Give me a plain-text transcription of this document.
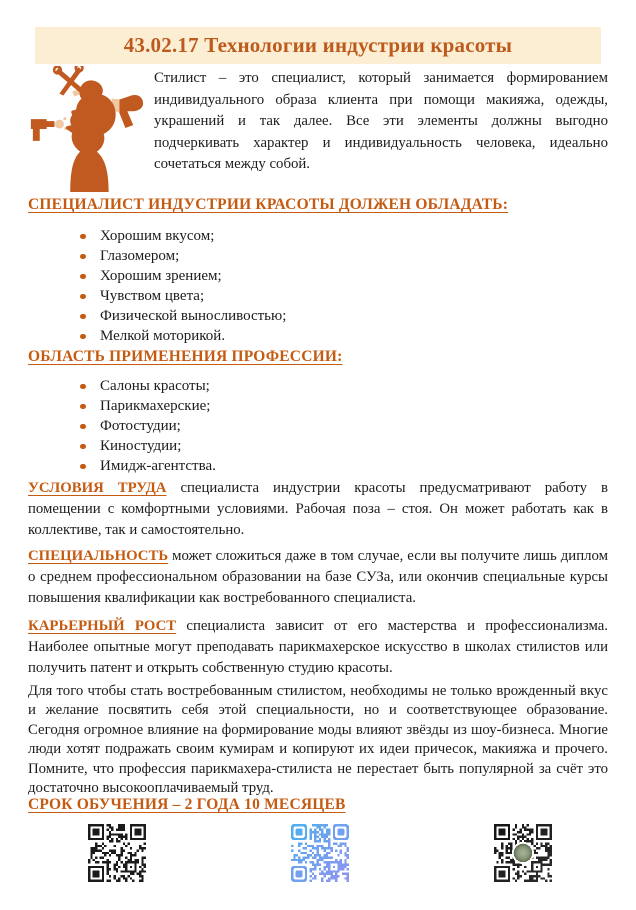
43.02.17 Технологии индустрии красоты

Стилист – это специалист, который занимается формированием индивидуального образа клиента при помощи макияжа, одежды, украшений и так далее. Все эти элементы должны выгодно подчеркивать характер и индивидуальность человека, идеально сочетаться между собой.

СПЕЦИАЛИСТ ИНДУСТРИИ КРАСОТЫ ДОЛЖЕН ОБЛАДАТЬ:
Хорошим вкусом;
Глазомером;
Хорошим зрением;
Чувством цвета;
Физической выносливостью;
Мелкой моторикой.
ОБЛАСТЬ ПРИМЕНЕНИЯ ПРОФЕССИИ:
Салоны красоты;
Парикмахерские;
Фотостудии;
Киностудии;
Имидж-агентства.

УСЛОВИЯ ТРУДА специалиста индустрии красоты предусматривают работу в помещении с комфортными условиями. Рабочая поза – стоя. Он может работать как в коллективе, так и самостоятельно.

СПЕЦИАЛЬНОСТЬ может сложиться даже в том случае, если вы получите лишь диплом о среднем профессиональном образовании на базе СУЗа, или окончив специальные курсы повышения квалификации как востребованного специалиста.

КАРЬЕРНЫЙ РОСТ специалиста зависит от его мастерства и профессионализма. Наиболее опытные могут преподавать парикмахерское искусство в школах стилистов или получить патент и открыть собственную студию красоты.

Для того чтобы стать востребованным стилистом, необходимы не только врожденный вкус и желание посвятить себя этой специальности, но и соответствующее образование. Сегодня огромное влияние на формирование моды влияют звёзды из шоу-бизнеса. Многие люди хотят подражать своим кумирам и копируют их идеи причесок, макияжа и прочего. Помните, что профессия парикмахера-стилиста не перестает быть популярной за счёт это достаточно высокооплачиваемый труд.

СРОК ОБУЧЕНИЯ – 2 ГОДА 10 МЕСЯЦЕВ
